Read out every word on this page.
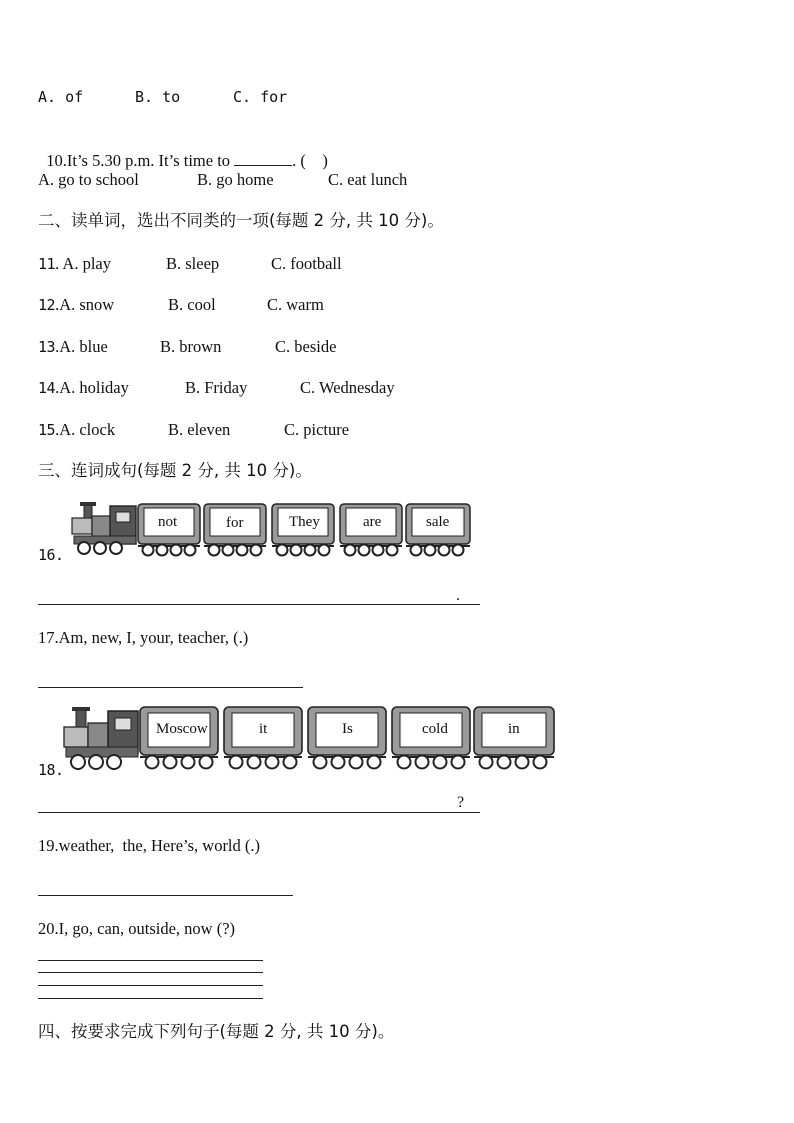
A. of

	B. to

	C. for

10.It’s 5.30 p.m. It’s time to	. (    )

A. go to school

	B. go home

	C. eat lunch

二、读单词，选出不同类的一项(每题 2 分, 共 10 分)。

11. A. play

	B. sleep

	C. football

12.A. snow

	B. cool

	C. warm

13.A. blue

	B. brown

	C. beside

14.A. holiday

	B. Friday

	C. Wednesday

15.A. clock

	B. eleven

	C. picture

三、连词成句(每题 2 分, 共 10 分)。
16.
not	for	They	are	sale
.
17.Am, new, I, your, teacher, (.)
18.
Moscow	it	Is	cold	in
?
19.weather,  the, Here’s, world (.)
20.I, go, can, outside, now (?)
四、按要求完成下列句子(每题 2 分, 共 10 分)。
